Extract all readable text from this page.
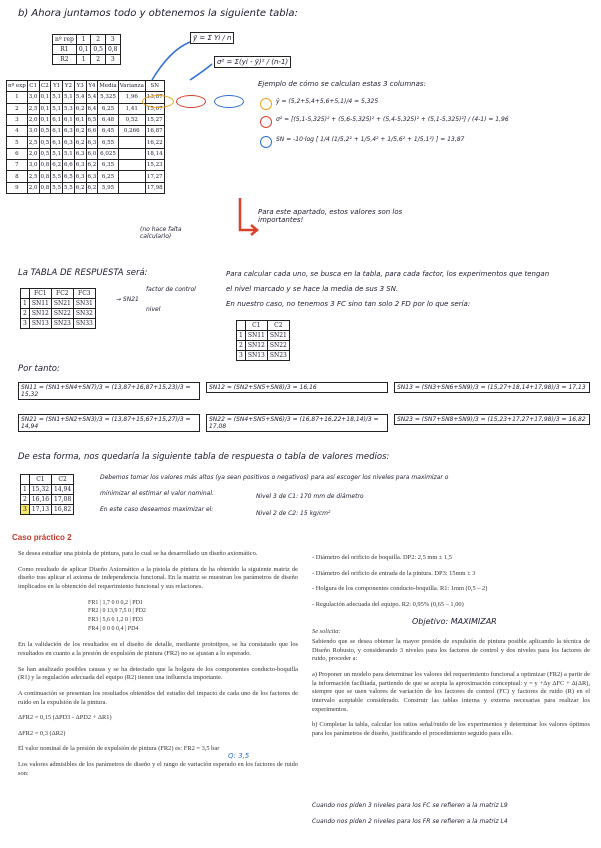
b) Ahora juntamos todo y obtenemos la siguiente tabla:
nº rep	1	2	3
R1	0,1	0,5	0,8
R2	1	2	3
ȳ = Σ Yi / n
σ² = Σ(yi - ȳ)² / (n-1)
nº exp	C1	C2	Y1	Y2	Y3	Y4	Media	Varianza	SN
1	3,0	0,1	5,1	5,1	5,4	5,4	5,325	1,96	13,87
2	2,5	0,1	5,1	5,3	6,2	6,4	6,25	1,41	15,67
3	2,0	0,1	6,1	6,1	6,1	6,5	6,48	0,52	15,27
4	3,0	0,5	6,1	6,3	6,2	6,6	6,45	0,266	16,87
5	2,5	0,5	6,1	6,3	6,2	6,3	6,55		16,22
6	2,0	0,5	5,1	5,1	6,3	6,0	6,025		18,14
7	3,0	0,8	6,2	6,6	6,3	6,2	6,35		15,23
8	2,5	0,8	5,5	6,5	6,3	6,3	6,25		17,27
9	2,0	0,8	5,5	5,5	6,2	6,2	5,95		17,98
(no hace falta calcularlo)
Para este apartado, estos valores son los importantes!
Ejemplo de cómo se calculan estas 3 columnas:
ȳ = (5,2+5,4+5,6+5,1)/4 = 5,325
σ² = [(5,1-5,325)² + (5,6-5,325)² + (5,4-5,325)² + (5,1-5,325)²] / (4-1) = 1,96
SN = -10·log [ 1/4 (1/5,2² + 1/5,4² + 1/5,6² + 1/5,1²) ] = 13,87
La TABLA DE RESPUESTA será:
	FC1	FC2	FC3
1	SN11	SN21	SN31
2	SN12	SN22	SN32
3	SN13	SN23	SN33
→ SN21
factor de control
nivel
Para calcular cada uno, se busca en la tabla, para cada factor, los experimentos que tengan
el nivel marcado y se hace la media de sus 3 SN.
En nuestro caso, no tenemos 3 FC sino tan solo 2 FD por lo que sería:
	C1	C2
1	SN11	SN21
2	SN12	SN22
3	SN13	SN23
Por tanto:
SN11 = (SN1+SN4+SN7)/3 = (13,87+16,87+15,23)/3 = 15,32
SN12 = (SN2+SN5+SN8)/3 = 16,16	SN13 = (SN3+SN6+SN9)/3 = (15,27+18,14+17,98)/3 = 17,13
SN21 = (SN1+SN2+SN3)/3 = (13,87+15,67+15,27)/3 = 14,94
SN22 = (SN4+SN5+SN6)/3 = (16,87+16,22+18,14)/3 = 17,08
SN23 = (SN7+SN8+SN9)/3 = (15,23+17,27+17,98)/3 = 16,82
De esta forma, nos quedaría la siguiente tabla de respuesta o tabla de valores medios:
	C1	C2
1	15,32	14,94
2	16,16	17,08
3	17,13	16,82
Debemos tomar los valores más altos (ya sean positivos o negativos) para así escoger los niveles para maximizar o
minimizar el estimar el valor nominal.
En este caso deseamos maximizar el:
Nivel 3 de C1: 170 mm de diámetro
Nivel 2 de C2: 15 kg/cm²
Caso práctico 2

Se desea estudiar una pistola de pintura, para lo cual se ha desarrollado un diseño axiomático.

Como resultado de aplicar Diseño Axiomático a la pistola de pintura de ha obtenido la siguiente matriz de diseño tras aplicar el axioma de independencia funcional. En la matriz se muestran los parámetros de diseño implicados en la obtención del requerimiento funcional y sus relaciones.

FR1 | 1,7 0 0 0,2 | PD1
FR2 | 0 13,9 7,5 0 | PD2
FR3 | 5,6 0 1,2 0 | PD3
FR4 | 0 0 0 0,4 | PD4

En la validación de los resultados en el diseño de detalle, mediante prototipos, se ha constatado que los resultados en cuanto a la presión de expulsión de pintura (FR2) no se ajustan a lo esperado.

Se han analizado posibles causas y se ha detectado que la holgura de los componentes conducto-boquilla (R1) y la regulación adecuada del equipo (R2) tienen una influencia importante.

A continuación se presentan los resultados obtenidos del estudio del impacto de cada uno de los factores de ruido en la expulsión de la pintura.

ΔFR2 = 0,15 (ΔPD3 - ΔPD2 + ΔR1)

ΔFR2 = 0,3 (ΔR2)

El valor nominal de la presión de expulsión de pintura (FR2) es: FR2 = 3,5 bar

Los valores admisibles de los parámetros de diseño y el rango de variación esperado en los factores de ruido son:

Q: 3,5

- Diámetro del orificio de boquilla. DP2: 2,5 mm ± 1,5

- Diámetro del orificio de entrada de la pintura. DP3: 15mm ± 3

- Holgura de los componentes conducto-boquilla. R1: 1mm (0,5 – 2)

- Regulación adecuada del equipo. R2: 0,95% (0,65 – 1,00)

Objetivo: MAXIMIZAR

Se solicita:

Sabiendo que se desea obtener la mayor presión de expulsión de pintura posible aplicando la técnica de Diseño Robusto, y considerando 3 niveles para los factores de control y dos niveles para los factores de ruido, proceder a:

a) Proponer un modelo para determinar los valores del requerimiento funcional a optimizar (FR2) a partir de la información facilitada, partiendo de que se acepta la aproximación conceptual: y = y +Δy ΔFC + Δ(ΔR), siempre que se usen valores de variación de los factores de control (FC) y factores de ruido (R) en el intervalo aceptable considerado. Construir las tablas interna y externa necesarias para realizar los experimentos.

b) Completar la tabla, calcular los ratios señal/ruido de los experimentos y determinar los valores óptimos para los parámetros de diseño, justificando el procedimiento seguido para ello.

Cuando nos piden 3 niveles para los FC se refieren a la matriz L9
Cuando nos piden 2 niveles para los FR se refieren a la matriz L4
